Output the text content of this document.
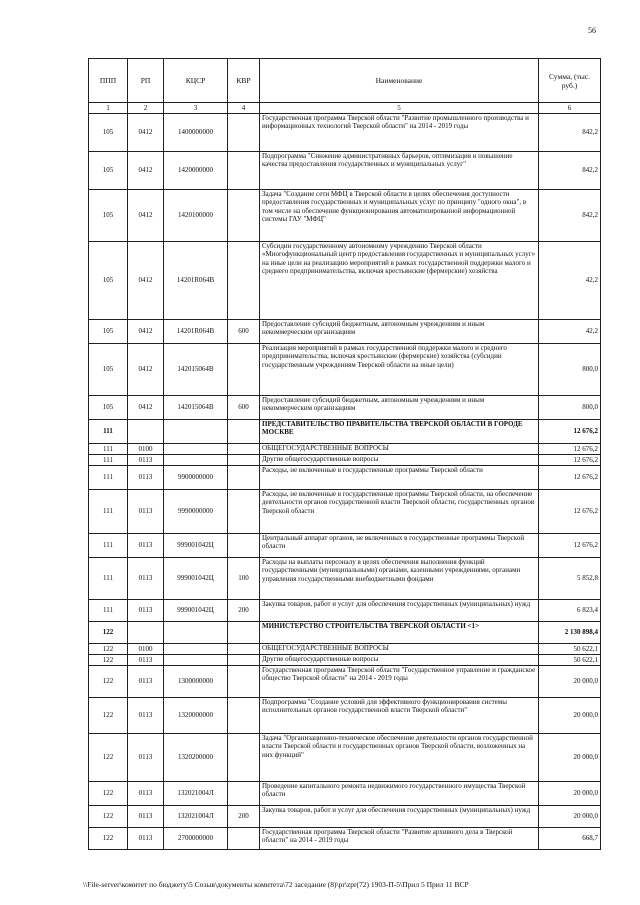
56
ППП	РП	КЦСР	КВР	Наименование	Сумма, (тыс. руб.)
1	2	3	4	5	6
105	0412	1400000000		Государственная программа Тверской области "Развитие промышленного производства и информационных технологий Тверской области" на 2014 - 2019 годы	842,2
105	0412	1420000000		Подпрограмма "Снижение административных барьеров, оптимизация и повышение качества предоставления государственных и муниципальных услуг"	842,2
105	0412	1420100000		Задача "Создание сети МФЦ в Тверской области в целях обеспечения доступности предоставления государственных и муниципальных услуг по принципу "одного окна", в том числе на обеспечение функционирования автоматизированной информационной системы ГАУ "МФЦ"	842,2
105	0412	14201R064B		Субсидии государственному автономному учреждению Тверской области «Многофункциональный центр предоставления государственных и муниципальных услуг» на иные цели на реализацию мероприятий в рамках государственной поддержки малого и среднего предпринимательства, включая крестьянские (фермерские) хозяйства	42,2
105	0412	14201R064B	600	Предоставление субсидий бюджетным, автономным учреждениям и иным некоммерческим организациям	42,2
105	0412	142015064B		Реализация мероприятий в рамках государственной поддержки малого и среднего предпринимательства, включая крестьянские (фермерские) хозяйства (субсидии государственным учреждениям Тверской области на иные цели)	800,0
105	0412	142015064B	600	Предоставление субсидий бюджетным, автономным учреждениям и иным некоммерческим организациям	800,0
111				ПРЕДСТАВИТЕЛЬСТВО ПРАВИТЕЛЬСТВА ТВЕРСКОЙ ОБЛАСТИ В ГОРОДЕ МОСКВЕ	12 676,2
111	0100			ОБЩЕГОСУДАРСТВЕННЫЕ ВОПРОСЫ	12 676,2
111	0113			Другие общегосударственные вопросы	12 676,2
111	0113	9900000000		Расходы, не включенные в государственные программы Тверской области	12 676,2
111	0113	9990000000		Расходы, не включенные в государственные программы Тверской области, на обеспечение деятельности органов государственной власти Тверской области, государственных органов Тверской области	12 676,2
111	0113	999001042Ц		Центральный аппарат органов, не включенных в государственные программы Тверской области	12 676,2
111	0113	999001042Ц	100	Расходы на выплаты персоналу в целях обеспечения выполнения функций государственными (муниципальными) органами, казенными учреждениями, органами управления государственными внебюджетными фондами	5 852,8
111	0113	999001042Ц	200	Закупка товаров, работ и услуг для обеспечения государственных (муниципальных) нужд	6 823,4
122				МИНИСТЕРСТВО СТРОИТЕЛЬСТВА ТВЕРСКОЙ ОБЛАСТИ <1>	2 130 898,4
122	0100			ОБЩЕГОСУДАРСТВЕННЫЕ ВОПРОСЫ	50 622,1
122	0113			Другие общегосударственные вопросы	50 622,1
122	0113	1300000000		Государственная программа Тверской области "Государственное управление и гражданское общество Тверской области" на 2014 - 2019 годы	20 000,0
122	0113	1320000000		Подпрограмма "Создание условий для эффективного функционирования системы исполнительных органов государственной власти Тверской области"	20 000,0
122	0113	1320200000		Задача "Организационно-техническое обеспечение деятельности органов государственной власти Тверской области и государственных органов Тверской области, возложенных на них функций"	20 000,0
122	0113	132021004Л		Проведение капитального ремонта недвижимого государственного имущества Тверской области	20 000,0
122	0113	132021004Л	200	Закупка товаров, работ и услуг для обеспечения государственных (муниципальных) нужд	20 000,0
122	0113	2700000000		Государственная программа Тверской области "Развитие архивного дела в Тверской области" на 2014 - 2019 годы	668,7
\\File-server\комитет по бюджету\5 Созыв\документы комитета\72 заседание (8)\pr\zpr(72) 1903-П-5\Прил 5 Прил 11 ВСР
